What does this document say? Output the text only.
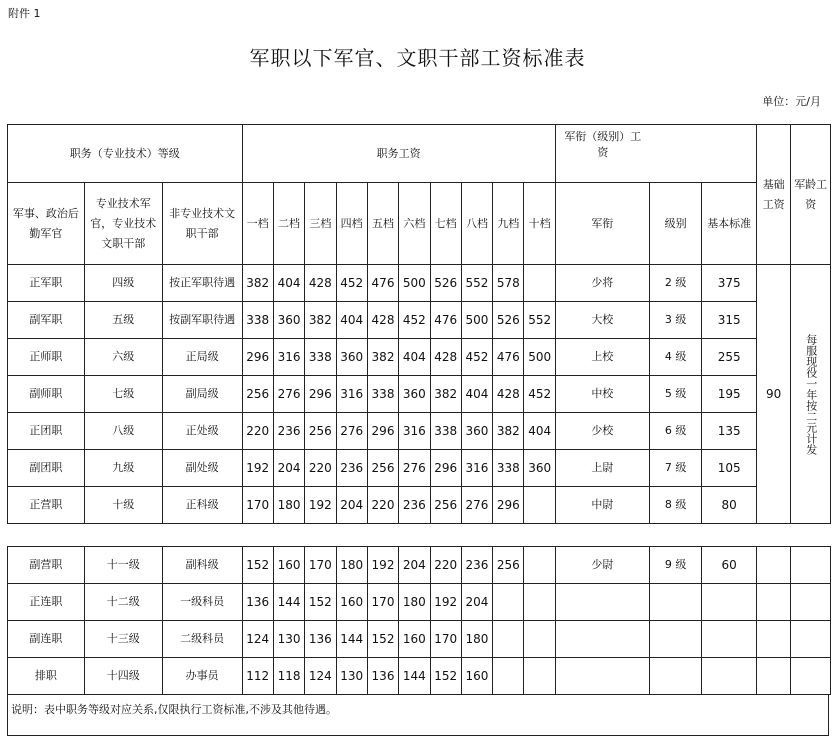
附件 1
军职以下军官、文职干部工资标准表
单位：元/月
职务（专业技术）等级			职务工资										军衔（级别）工资			基础工资	军龄工资

军事、政治后勤军官	专业技术军官，专业技术文职干部	非专业技术文职干部	一档	二档	三档	四档	五档	六档	七档	八档	九档	十档	军衔	级别	基本标准		
正军职	四级	按正军职待遇	382	404	428	452	476	500	526	552	578		少将	2 级	375	90	每服现役一年按二元计发

副军职	五级	按副军职待遇	338	360	382	404	428	452	476	500	526	552	大校	3 级	315		
正师职	六级	正局级	296	316	338	360	382	404	428	452	476	500	上校	4 级	255		
副师职	七级	副局级	256	276	296	316	338	360	382	404	428	452	中校	5 级	195		
正团职	八级	正处级	220	236	256	276	296	316	338	360	382	404	少校	6 级	135		
副团职	九级	副处级	192	204	220	236	256	276	296	316	338	360	上尉	7 级	105		
正营职	十级	正科级	170	180	192	204	220	236	256	276	296		中尉	8 级	80		
副营职	十一级	副科级	152	160	170	180	192	204	220	236	256		少尉	9 级	60		
正连职	十二级	一级科员	136	144	152	160	170	180	192	204							
副连职	十三级	二级科员	124	130	136	144	152	160	170	180							
排职	十四级	办事员	112	118	124	130	136	144	152	160							
说明：表中职务等级对应关系,仅限执行工资标准,不涉及其他待遇。
